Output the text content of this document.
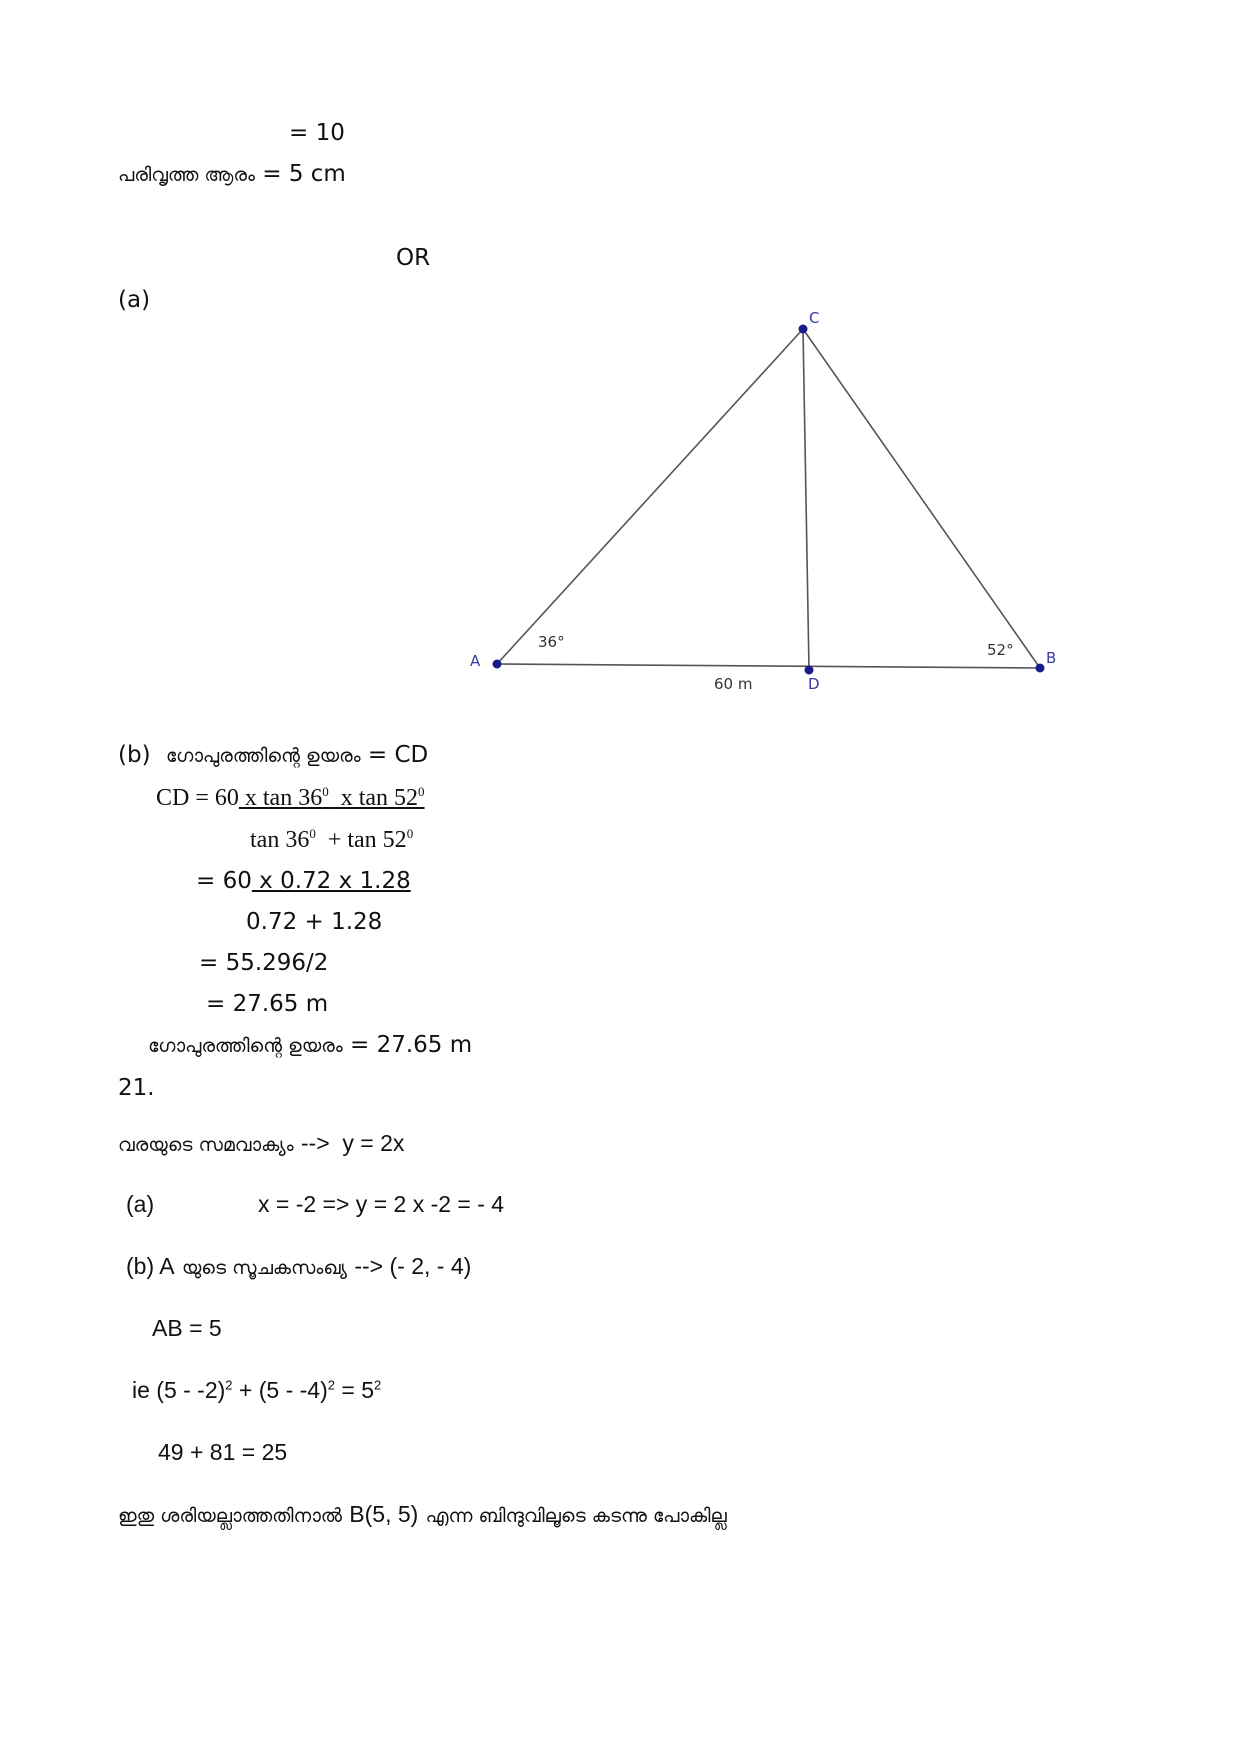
= 10
പരിവൃത്ത ആരം = 5 cm
OR
(a)
A	B
C
D
36°	52°
60 m
(b) ഗോപുരത്തിന്റെ ഉയരം = CD
CD = 60 x $\tan 36^0$  x $\tan 52^0$
$\tan 36^0 + \tan 52^0$
= 60 x 0.72 x 1.28
0.72 + 1.28
= 55.296/2
= 27.65 m
ഗോപുരത്തിന്റെ ഉയരം = 27.65 m
21.
വരയുടെ സമവാക്യം -->  y = 2x
(a)	x = -2 => y = 2 x -2 = - 4
(b) A യുടെ സൂചകസംഖ്യ --> (- 2, - 4)
AB = 5
ie $(5 - -2)^2 + (5 - -4)^2 = 5^2$
49 + 81 = 25
ഇതു ശരിയല്ലാത്തതിനാൽ B(5, 5) എന്ന ബിന്ദുവിലൂടെ കടന്നു പോകില്ല
